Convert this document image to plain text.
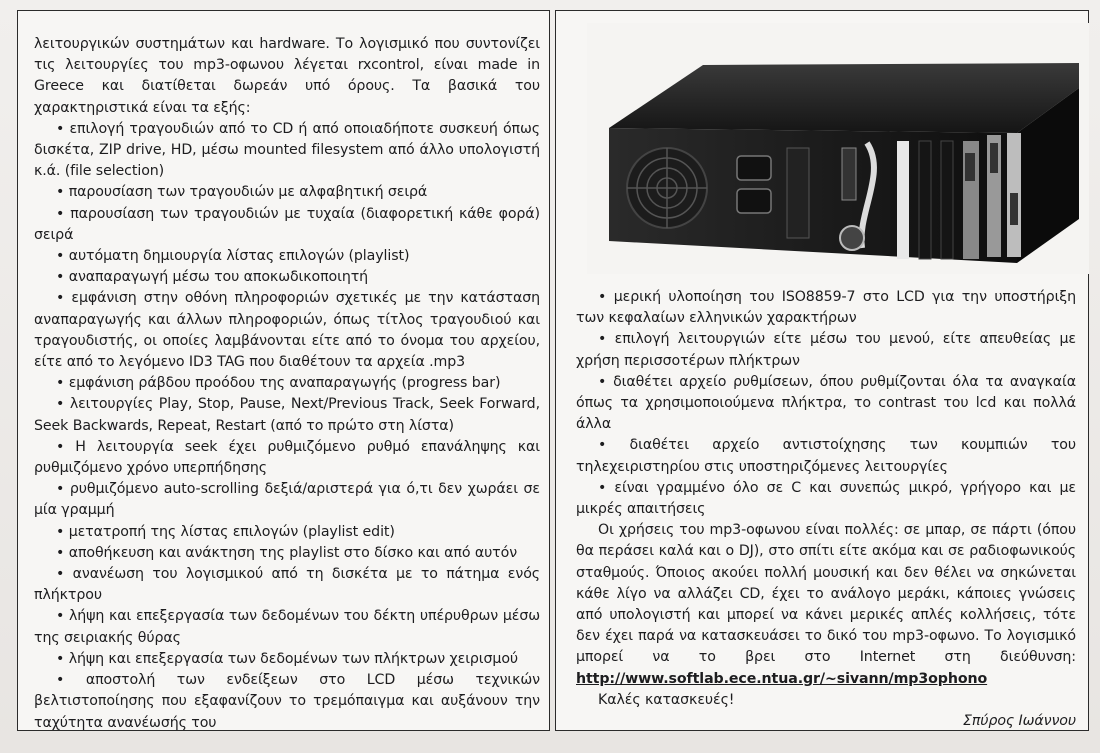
λειτουργικών συστημάτων και hardware. Το λογισμικό που συντονίζει τις λειτουργίες του mp3-οφωνου λέγεται rxcontrol, είναι made in Greece και διατίθεται δωρεάν υπό όρους. Τα βασικά του χαρακτηριστικά είναι τα εξής:

• επιλογή τραγουδιών από το CD ή από οποιαδήποτε συσκευή όπως δισκέτα, ZIP drive, HD, μέσω mounted filesystem από άλλο υπολογιστή κ.ά. (file selection)

• παρουσίαση των τραγουδιών με αλφαβητική σειρά

• παρουσίαση των τραγουδιών με τυχαία (διαφορετική κάθε φορά) σειρά

• αυτόματη δημιουργία λίστας επιλογών (playlist)

• αναπαραγωγή μέσω του αποκωδικοποιητή

• εμφάνιση στην οθόνη πληροφοριών σχετικές με την κατάσταση αναπαραγωγής και άλλων πληροφοριών, όπως τίτλος τραγουδιού και τραγουδιστής, οι οποίες λαμβάνονται είτε από το όνομα του αρχείου, είτε από το λεγόμενο ID3 TAG που διαθέτουν τα αρχεία .mp3

• εμφάνιση ράβδου προόδου της αναπαραγωγής (progress bar)

• λειτουργίες Play, Stop, Pause, Next/Previous Track, Seek Forward, Seek Backwards, Repeat, Restart (από το πρώτο στη λίστα)

• Η λειτουργία seek έχει ρυθμιζόμενο ρυθμό επανάληψης και ρυθμιζόμενο χρόνο υπερπήδησης

• ρυθμιζόμενο auto-scrolling δεξιά/αριστερά για ό,τι δεν χωράει σε μία γραμμή

• μετατροπή της λίστας επιλογών (playlist edit)

• αποθήκευση και ανάκτηση της playlist στο δίσκο και από αυτόν

• ανανέωση του λογισμικού από τη δισκέτα με το πάτημα ενός πλήκτρου

• λήψη και επεξεργασία των δεδομένων του δέκτη υπέρυθρων μέσω της σειριακής θύρας

• λήψη και επεξεργασία των δεδομένων των πλήκτρων χειρισμού

• αποστολή των ενδείξεων στο LCD μέσω τεχνικών βελτιστοποίησης που εξαφανίζουν το τρεμόπαιγμα και αυξάνουν την ταχύτητα ανανέωσής του

• μερική υλοποίηση του ISO8859-7 στο LCD για την υποστήριξη των κεφαλαίων ελληνικών χαρακτήρων

• επιλογή λειτουργιών είτε μέσω του μενού, είτε απευθείας με χρήση περισσοτέρων πλήκτρων

• διαθέτει αρχείο ρυθμίσεων, όπου ρυθμίζονται όλα τα αναγκαία όπως τα χρησιμοποιούμενα πλήκτρα, το contrast του lcd και πολλά άλλα

• διαθέτει αρχείο αντιστοίχησης των κουμπιών του τηλεχειριστηρίου στις υποστηριζόμενες λειτουργίες

• είναι γραμμένο όλο σε C και συνεπώς μικρό, γρήγορο και με μικρές απαιτήσεις

Οι χρήσεις του mp3-οφωνου είναι πολλές: σε μπαρ, σε πάρτι (όπου θα περάσει καλά και ο DJ), στο σπίτι είτε ακόμα και σε ραδιοφωνικούς σταθμούς. Όποιος ακούει πολλή μουσική και δεν θέλει να σηκώνεται κάθε λίγο να αλλάζει CD, έχει το ανάλογο μεράκι, κάποιες γνώσεις από υπολογιστή και μπορεί να κάνει μερικές απλές κολλήσεις, τότε δεν έχει παρά να κατασκευάσει το δικό του mp3-οφωνο. Το λογισμικό μπορεί να το βρει στο Internet στη διεύθυνση: http://www.softlab.ece.ntua.gr/~sivann/mp3ophono

Καλές κατασκευές!

Σπύρος Ιωάννου
